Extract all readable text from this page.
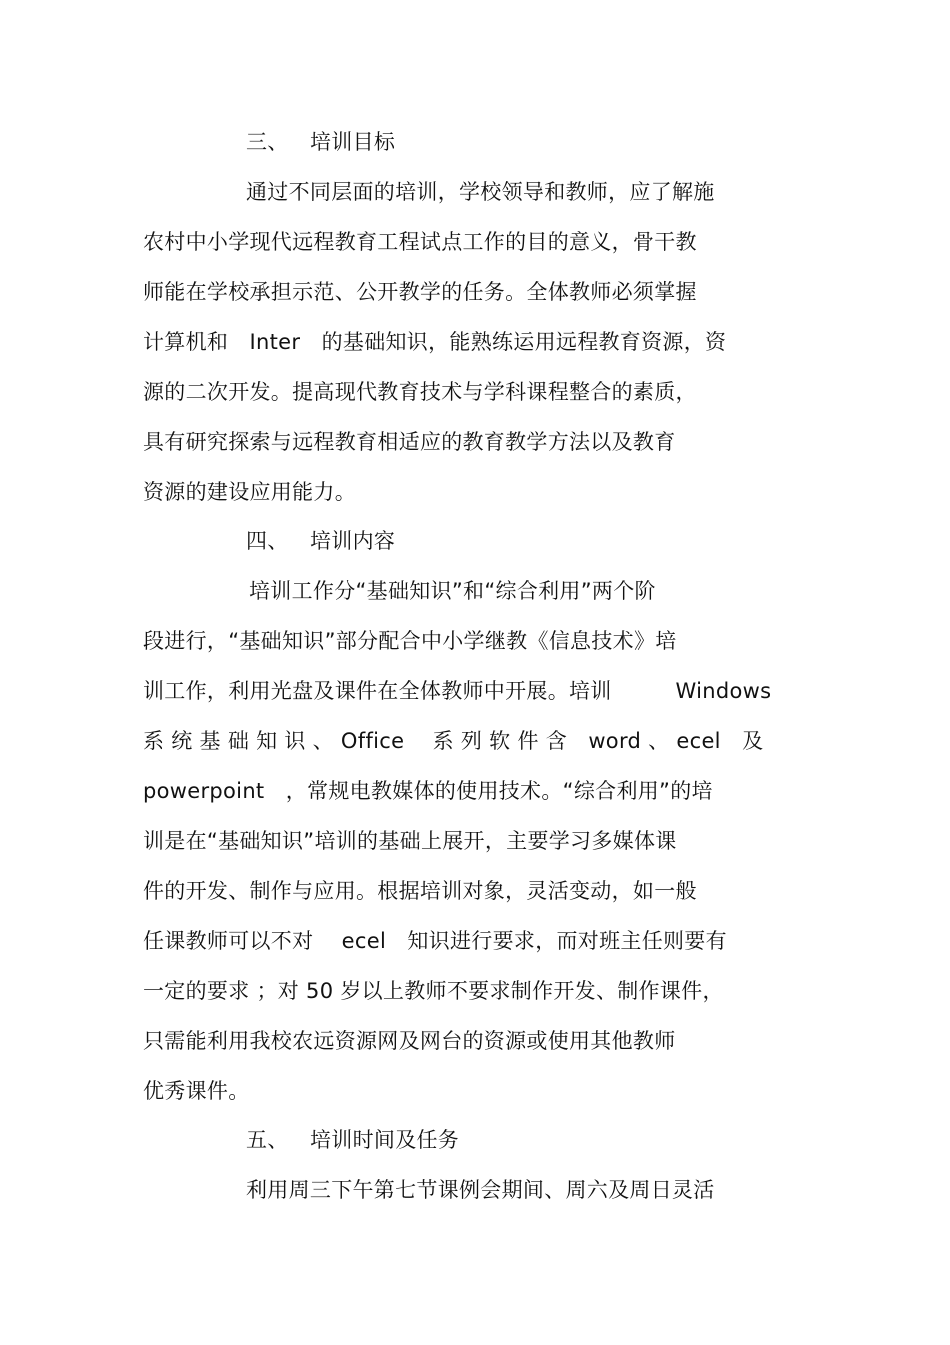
三、 培训目标
通过不同层面的培训，学校领导和教师，应了解施
农村中小学现代远程教育工程试点工作的目的意义，骨干教
师能在学校承担示范、公开教学的任务。全体教师必须掌握
计算机和　Inter　的基础知识，能熟练运用远程教育资源，资
源的二次开发。提高现代教育技术与学科课程整合的素质，
具有研究探索与远程教育相适应的教育教学方法以及教育
资源的建设应用能力。
四、 培训内容
培训工作分“基础知识”和“综合利用”两个阶
段进行，“基础知识”部分配合中小学继教《信息技术》培
训工作，利用光盘及课件在全体教师中开展。培训　　　Windows
系 统 基 础 知 识 、 Office　 系 列 软 件 含　word 、 ecel　及
powerpoint　，常规电教媒体的使用技术。“综合利用”的培
训是在“基础知识”培训的基础上展开，主要学习多媒体课
件的开发、制作与应用。根据培训对象，灵活变动，如一般
任课教师可以不对　 ecel　知识进行要求，而对班主任则要有
一定的要求 ；对 50 岁以上教师不要求制作开发、制作课件，
只需能利用我校农远资源网及网台的资源或使用其他教师
优秀课件。
五、 培训时间及任务
利用周三下午第七节课例会期间、周六及周日灵活
